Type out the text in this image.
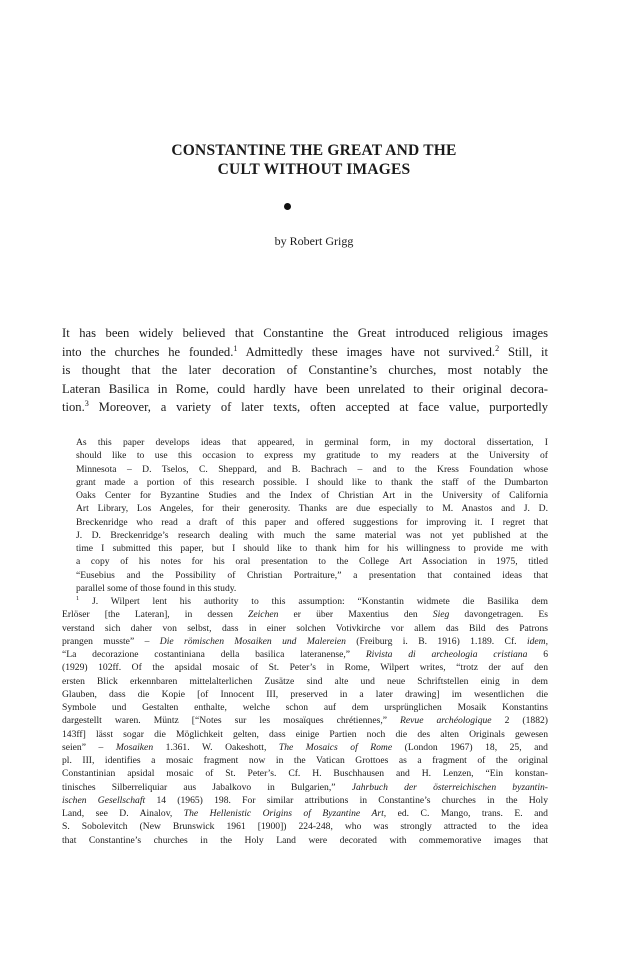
CONSTANTINE THE GREAT AND THE
CULT WITHOUT IMAGES
by Robert Grigg
It has been widely believed that Constantine the Great introduced religious images
into the churches he founded.$^1$ Admittedly these images have not survived.$^2$ Still, it
is thought that the later decoration of Constantine’s churches, most notably the
Lateran Basilica in Rome, could hardly have been unrelated to their original decora-
tion.$^3$ Moreover, a variety of later texts, often accepted at face value, purportedly

As this paper develops ideas that appeared, in germinal form, in my doctoral dissertation, I
should like to use this occasion to express my gratitude to my readers at the University of
Minnesota – D. Tselos, C. Sheppard, and B. Bachrach – and to the Kress Foundation whose
grant made a portion of this research possible. I should like to thank the staff of the Dumbarton
Oaks Center for Byzantine Studies and the Index of Christian Art in the University of California
Art Library, Los Angeles, for their generosity. Thanks are due especially to M. Anastos and J. D.
Breckenridge who read a draft of this paper and offered suggestions for improving it. I regret that
J. D. Breckenridge’s research dealing with much the same material was not yet published at the
time I submitted this paper, but I should like to thank him for his willingness to provide me with
a copy of his notes for his oral presentation to the College Art Association in 1975, titled
“Eusebius and the Possibility of Christian Portraiture,” a presentation that contained ideas that
parallel some of those found in this study.

$^1$ J. Wilpert lent his authority to this assumption: “Konstantin widmete die Basilika dem
Erlöser [the Lateran], in dessen Zeichen er über Maxentius den Sieg davongetragen. Es
verstand sich daher von selbst, dass in einer solchen Votivkirche vor allem das Bild des Patrons
prangen musste” – Die römischen Mosaiken und Malereien (Freiburg i. B. 1916) 1.189. Cf. idem,
“La decorazione costantiniana della basilica lateranense,” Rivista di archeologia cristiana 6
(1929) 102ff. Of the apsidal mosaic of St. Peter’s in Rome, Wilpert writes, “trotz der auf den
ersten Blick erkennbaren mittelalterlichen Zusätze sind alte und neue Schriftstellen einig in dem
Glauben, dass die Kopie [of Innocent III, preserved in a later drawing] im wesentlichen die
Symbole und Gestalten enthalte, welche schon auf dem ursprünglichen Mosaik Konstantins
dargestellt waren. Müntz [“Notes sur les mosaïques chrétiennes,” Revue archéologique 2 (1882)
143ff] lässt sogar die Möglichkeit gelten, dass einige Partien noch die des alten Originals gewesen
seien” – Mosaiken 1.361. W. Oakeshott, The Mosaics of Rome (London 1967) 18, 25, and
pl. III, identifies a mosaic fragment now in the Vatican Grottoes as a fragment of the original
Constantinian apsidal mosaic of St. Peter’s. Cf. H. Buschhausen and H. Lenzen, “Ein konstan-
tinisches Silberreliquiar aus Jabalkovo in Bulgarien,” Jahrbuch der österreichischen byzantin-
ischen Gesellschaft 14 (1965) 198. For similar attributions in Constantine’s churches in the Holy
Land, see D. Ainalov, The Hellenistic Origins of Byzantine Art, ed. C. Mango, trans. E. and
S. Sobolevitch (New Brunswick 1961 [1900]) 224-248, who was strongly attracted to the idea
that Constantine’s churches in the Holy Land were decorated with commemorative images that
